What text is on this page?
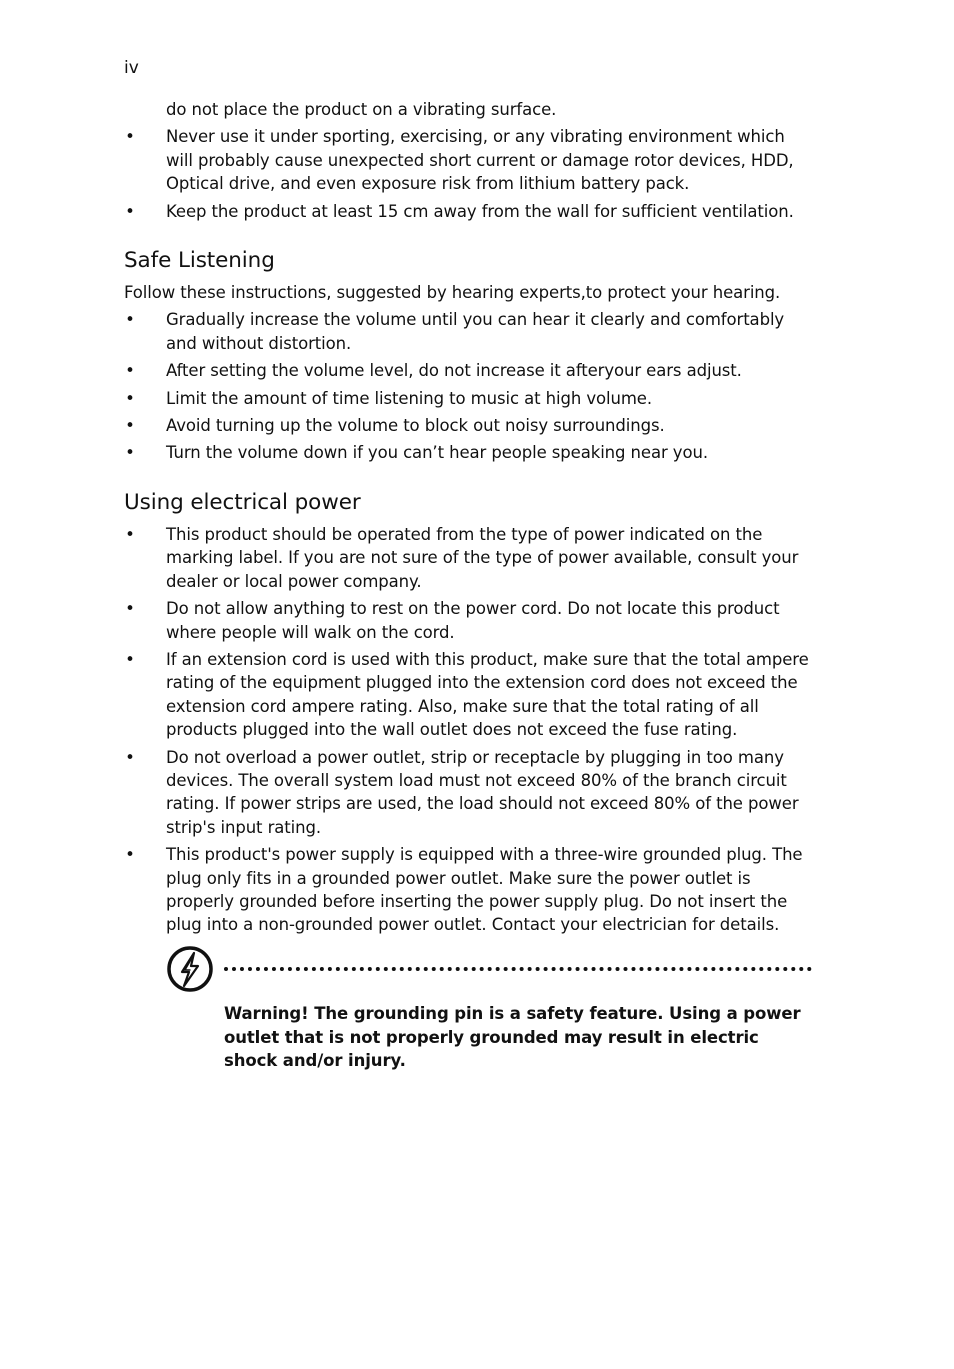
iv

do not place the product on a vibrating surface.

• Never use it under sporting, exercising, or any vibrating environment which will probably cause unexpected short current or damage rotor devices, HDD, Optical drive, and even exposure risk from lithium battery pack.
• Keep the product at least 15 cm away from the wall for sufficient ventilation.
Safe Listening

Follow these instructions, suggested by hearing experts,to protect your hearing.

• Gradually increase the volume until you can hear it clearly and comfortably and without distortion.
• After setting the volume level, do not increase it afteryour ears adjust.
• Limit the amount of time listening to music at high volume.
• Avoid turning up the volume to block out noisy surroundings.
• Turn the volume down if you can’t hear people speaking near you.
Using electrical power
• This product should be operated from the type of power indicated on the marking label. If you are not sure of the type of power available, consult your dealer or local power company.
• Do not allow anything to rest on the power cord. Do not locate this product where people will walk on the cord.
• If an extension cord is used with this product, make sure that the total ampere rating of the equipment plugged into the extension cord does not exceed the extension cord ampere rating. Also, make sure that the total rating of all products plugged into the wall outlet does not exceed the fuse rating.
• Do not overload a power outlet, strip or receptacle by plugging in too many devices. The overall system load must not exceed 80% of the branch circuit rating. If power strips are used, the load should not exceed 80% of the power strip's input rating.
• This product's power supply is equipped with a three-wire grounded plug. The plug only fits in a grounded power outlet. Make sure the power outlet is properly grounded before inserting the power supply plug. Do not insert the plug into a non-grounded power outlet. Contact your electrician for details.

Warning! The grounding pin is a safety feature. Using a power outlet that is not properly grounded may result in electric shock and/or injury.
